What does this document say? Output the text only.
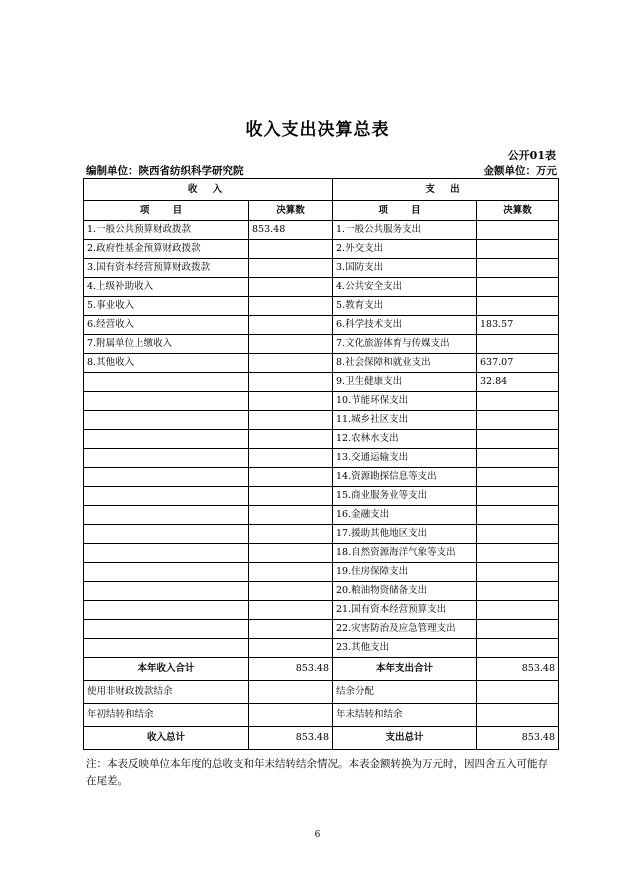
收入支出决算总表
公开01表
编制单位：陕西省纺织科学研究院	金额单位：万元
收 入		支 出	
项 目	决算数	项 目	决算数
1.一般公共预算财政拨款	853.48	1.一般公共服务支出	
2.政府性基金预算财政拨款		2.外交支出	
3.国有资本经营预算财政拨款		3.国防支出	
4.上级补助收入		4.公共安全支出	
5.事业收入		5.教育支出	
6.经营收入		6.科学技术支出	183.57
7.附属单位上缴收入		7.文化旅游体育与传媒支出	
8.其他收入		8.社会保障和就业支出	637.07
		9.卫生健康支出	32.84
		10.节能环保支出	
		11.城乡社区支出	
		12.农林水支出	
		13.交通运输支出	
		14.资源勘探信息等支出	
		15.商业服务业等支出	
		16.金融支出	
		17.援助其他地区支出	
		18.自然资源海洋气象等支出	
		19.住房保障支出	
		20.粮油物资储备支出	
		21.国有资本经营预算支出	
		22.灾害防治及应急管理支出	
		23.其他支出	
本年收入合计	853.48	本年支出合计	853.48
使用非财政拨款结余		结余分配	
年初结转和结余		年末结转和结余	
收入总计	853.48	支出总计	853.48
注：本表反映单位本年度的总收支和年末结转结余情况。本表金额转换为万元时，因四舍五入可能存在尾差。
6
